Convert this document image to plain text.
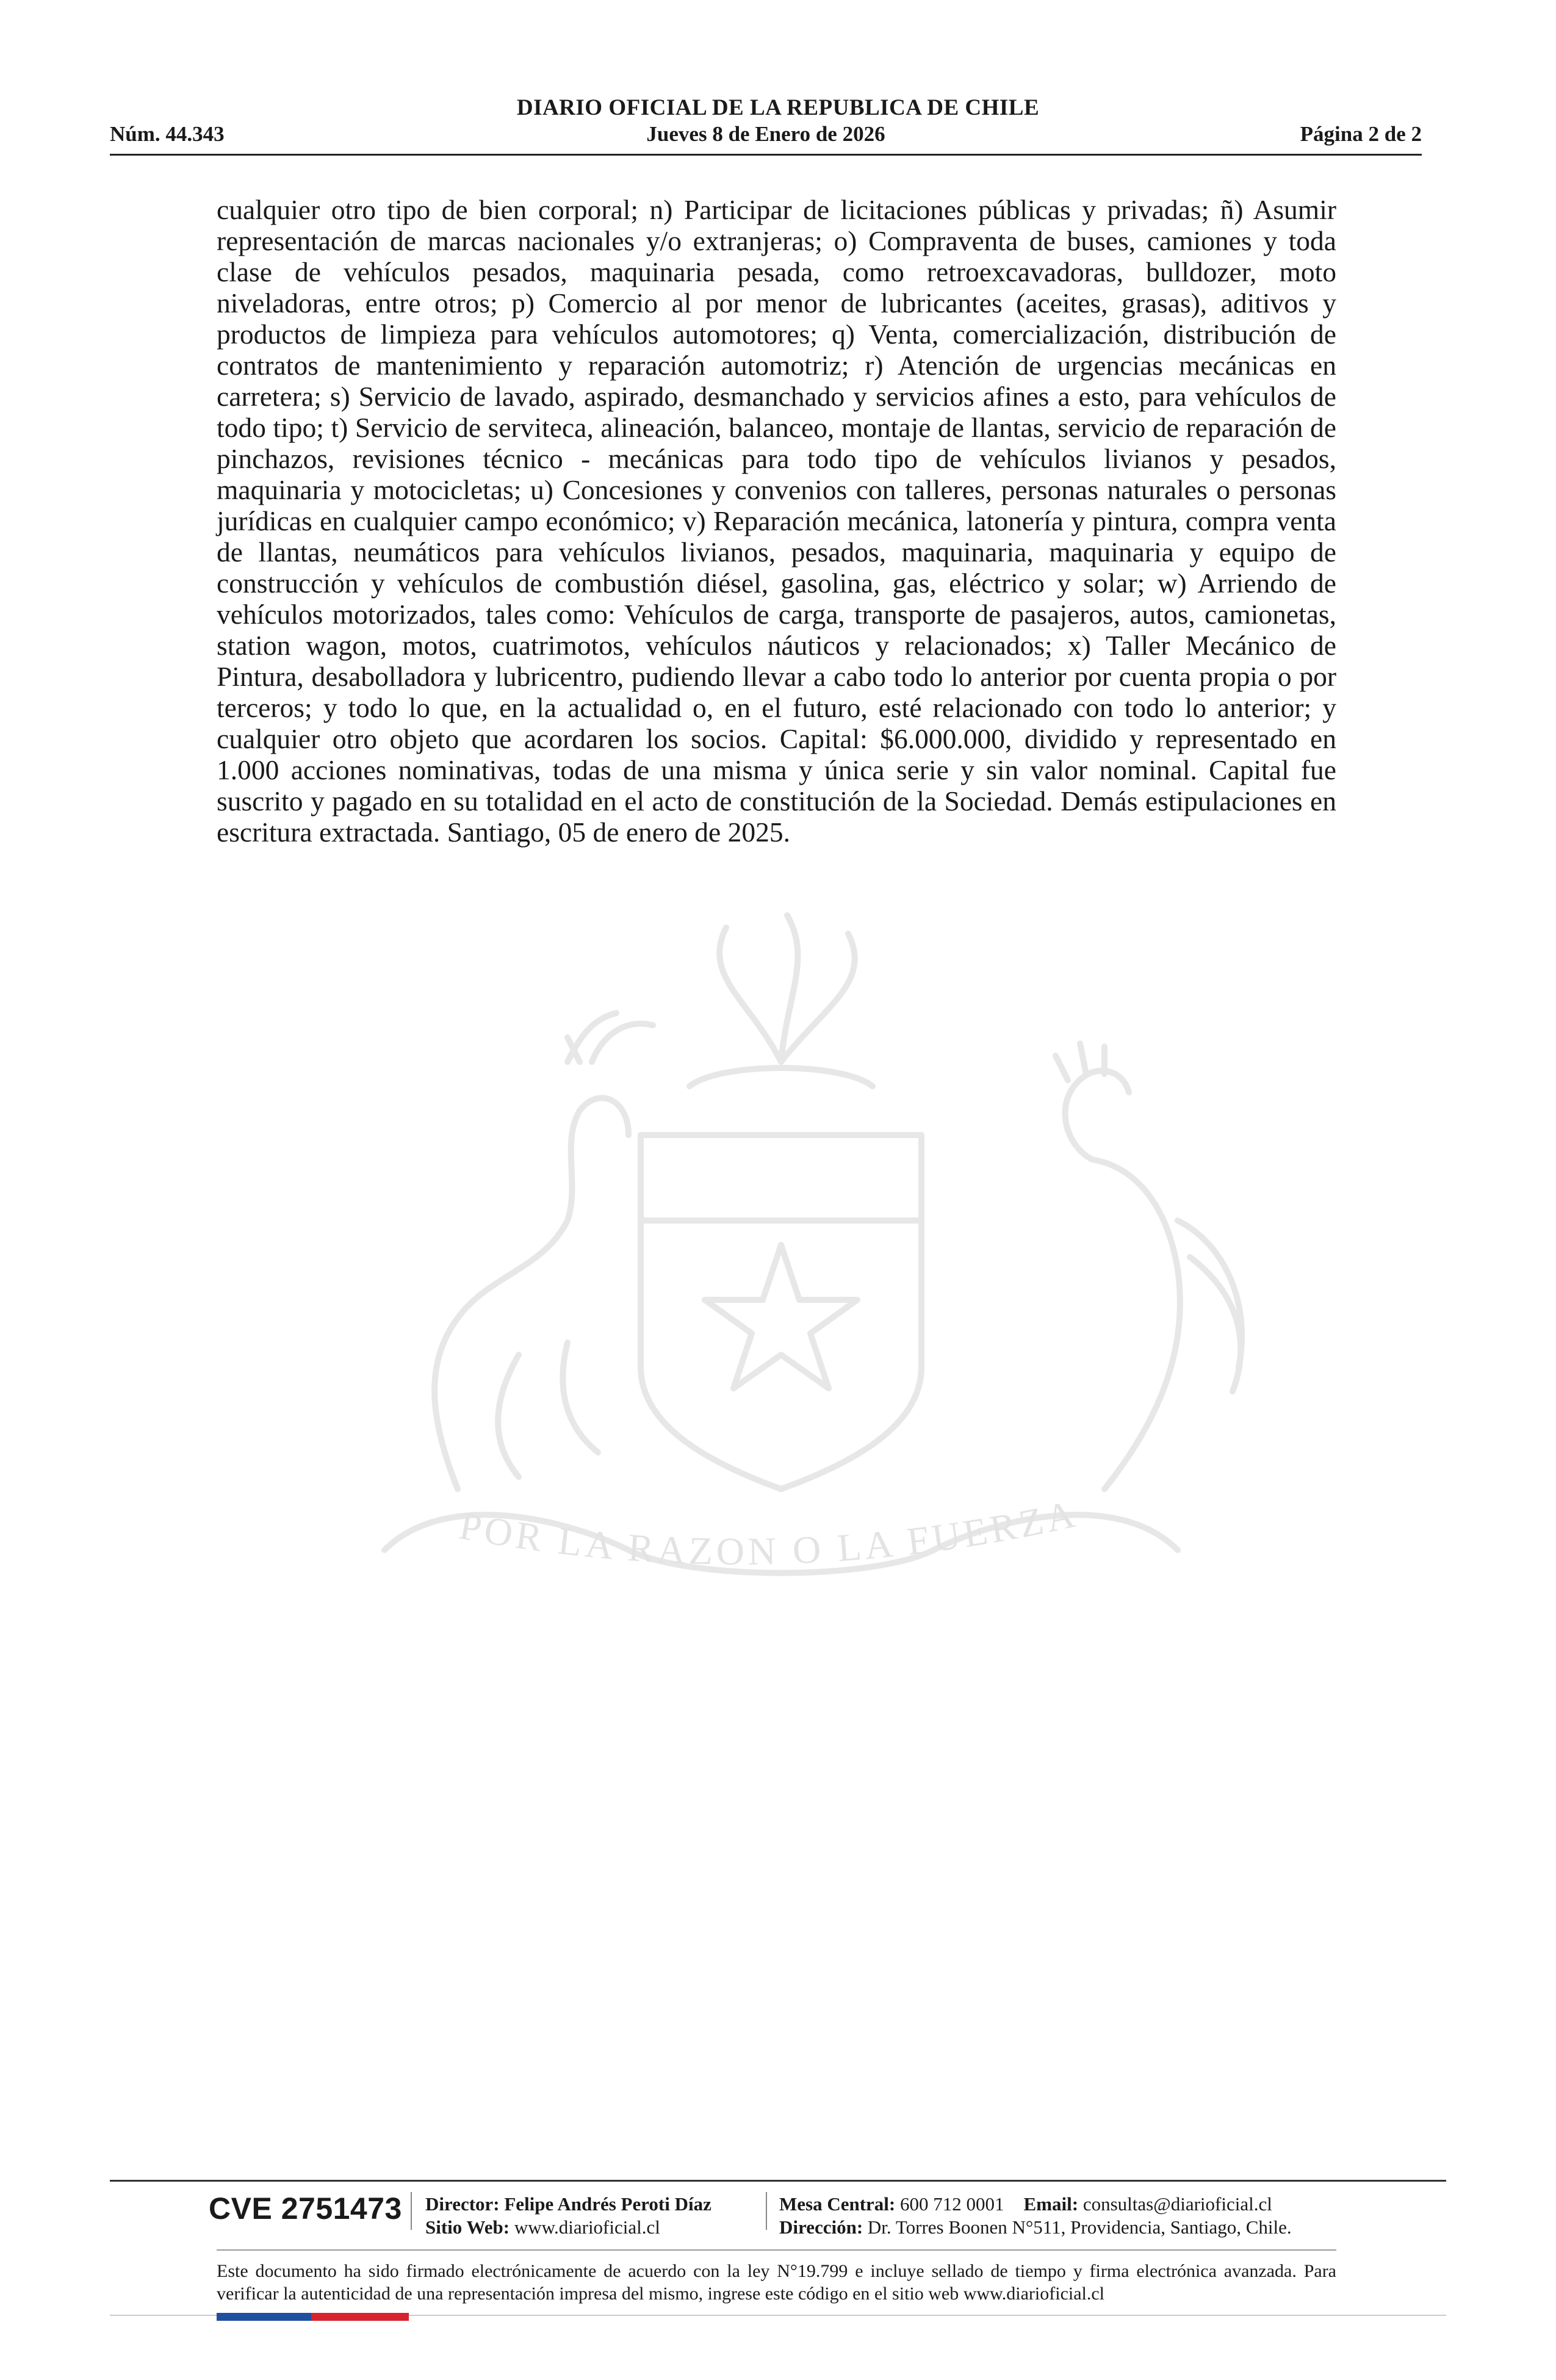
DIARIO OFICIAL DE LA REPUBLICA DE CHILE
Núm. 44.343	Jueves 8 de Enero de 2026	Página 2 de 2
cualquier otro tipo de bien corporal; n) Participar de licitaciones públicas y privadas; ñ) Asumir representación de marcas nacionales y/o extranjeras; o) Compraventa de buses, camiones y toda clase de vehículos pesados, maquinaria pesada, como retroexcavadoras, bulldozer, moto niveladoras, entre otros; p) Comercio al por menor de lubricantes (aceites, grasas), aditivos y productos de limpieza para vehículos automotores; q) Venta, comercialización, distribución de contratos de mantenimiento y reparación automotriz; r) Atención de urgencias mecánicas en carretera; s) Servicio de lavado, aspirado, desmanchado y servicios afines a esto, para vehículos de todo tipo; t) Servicio de serviteca, alineación, balanceo, montaje de llantas, servicio de reparación de pinchazos, revisiones técnico - mecánicas para todo tipo de vehículos livianos y pesados, maquinaria y motocicletas; u) Concesiones y convenios con talleres, personas naturales o personas jurídicas en cualquier campo económico; v) Reparación mecánica, latonería y pintura, compra venta de llantas, neumáticos para vehículos livianos, pesados, maquinaria, maquinaria y equipo de construcción y vehículos de combustión diésel, gasolina, gas, eléctrico y solar; w) Arriendo de vehículos motorizados, tales como: Vehículos de carga, transporte de pasajeros, autos, camionetas, station wagon, motos, cuatrimotos, vehículos náuticos y relacionados; x) Taller Mecánico de Pintura, desabolladora y lubricentro, pudiendo llevar a cabo todo lo anterior por cuenta propia o por terceros; y todo lo que, en la actualidad o, en el futuro, esté relacionado con todo lo anterior; y cualquier otro objeto que acordaren los socios. Capital: $6.000.000, dividido y representado en 1.000 acciones nominativas, todas de una misma y única serie y sin valor nominal. Capital fue suscrito y pagado en su totalidad en el acto de constitución de la Sociedad. Demás estipulaciones en escritura extractada. Santiago, 05 de enero de 2025.
POR LA RAZON O LA FUERZA
CVE 2751473 Director: Felipe Andrés Peroti Díaz
Sitio Web: www.diarioficial.cl
Mesa Central: 600 712 0001 Email: consultas@diarioficial.cl
Dirección: Dr. Torres Boonen N°511, Providencia, Santiago, Chile.
Este documento ha sido firmado electrónicamente de acuerdo con la ley N°19.799 e incluye sellado de tiempo y firma electrónica avanzada. Para verificar la autenticidad de una representación impresa del mismo, ingrese este código en el sitio web www.diarioficial.cl
